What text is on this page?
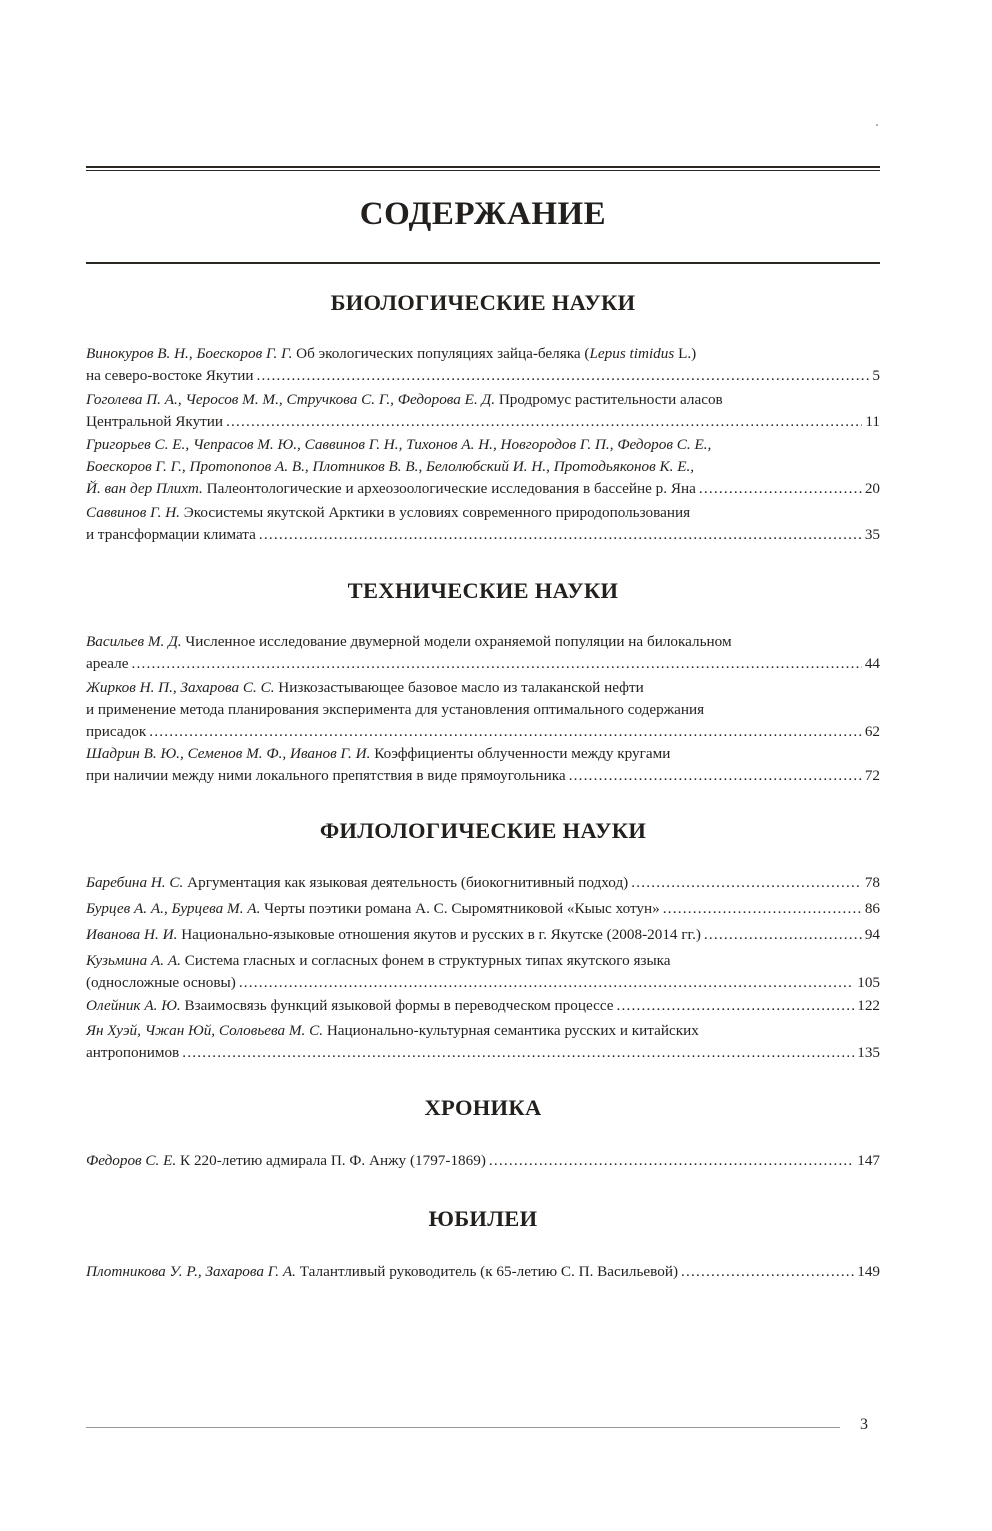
СОДЕРЖАНИЕ
БИОЛОГИЧЕСКИЕ НАУКИ
Винокуров В. Н., Боескоров Г. Г. Об экологических популяциях зайца-беляка (Lepus timidus L.)
на северо-востоке Якутии . . .	5
Гоголева П. А., Черосов М. М., Стручкова С. Г., Федорова Е. Д. Продромус растительности аласов
Центральной Якутии . . .	11
Григорьев С. Е., Чепрасов М. Ю., Саввинов Г. Н., Тихонов А. Н., Новгородов Г. П., Федоров С. Е.,
Боескоров Г. Г., Протопопов А. В., Плотников В. В., Белолюбский И. Н., Протодьяконов К. Е.,
Й. ван дер Плихт. Палеонтологические и археозоологические исследования в бассейне р. Яна . . .	20
Саввинов Г. Н. Экосистемы якутской Арктики в условиях современного природопользования
и трансформации климата . . .	35
ТЕХНИЧЕСКИЕ НАУКИ
Васильев М. Д. Численное исследование двумерной модели охраняемой популяции на билокальном
ареале . . .	44
Жирков Н. П., Захарова С. С. Низкозастывающее базовое масло из талаканской нефти
и применение метода планирования эксперимента для установления оптимального содержания
присадок . . .	62
Шадрин В. Ю., Семенов М. Ф., Иванов Г. И. Коэффициенты облученности между кругами
при наличии между ними локального препятствия в виде прямоугольника . . .	72
ФИЛОЛОГИЧЕСКИЕ НАУКИ
Баребина Н. С. Аргументация как языковая деятельность (биокогнитивный подход) . . .	78
Бурцев А. А., Бурцева М. А. Черты поэтики романа А. С. Сыромятниковой «Кыыс хотун» . . .	86
Иванова Н. И. Национально-языковые отношения якутов и русских в г. Якутске (2008-2014 гг.) . . .	94
Кузьмина А. А. Система гласных и согласных фонем в структурных типах якутского языка
(односложные основы) . . .	105
Олейник А. Ю. Взаимосвязь функций языковой формы в переводческом процессе . . .	122
Ян Хуэй, Чжан Юй, Соловьева М. С. Национально-культурная семантика русских и китайских
антропонимов . . .	135
ХРОНИКА
Федоров С. Е. К 220-летию адмирала П. Ф. Анжу (1797-1869) . . .	147
ЮБИЛЕИ
Плотникова У. Р., Захарова Г. А. Талантливый руководитель (к 65-летию С. П. Васильевой) . . .	149
3
